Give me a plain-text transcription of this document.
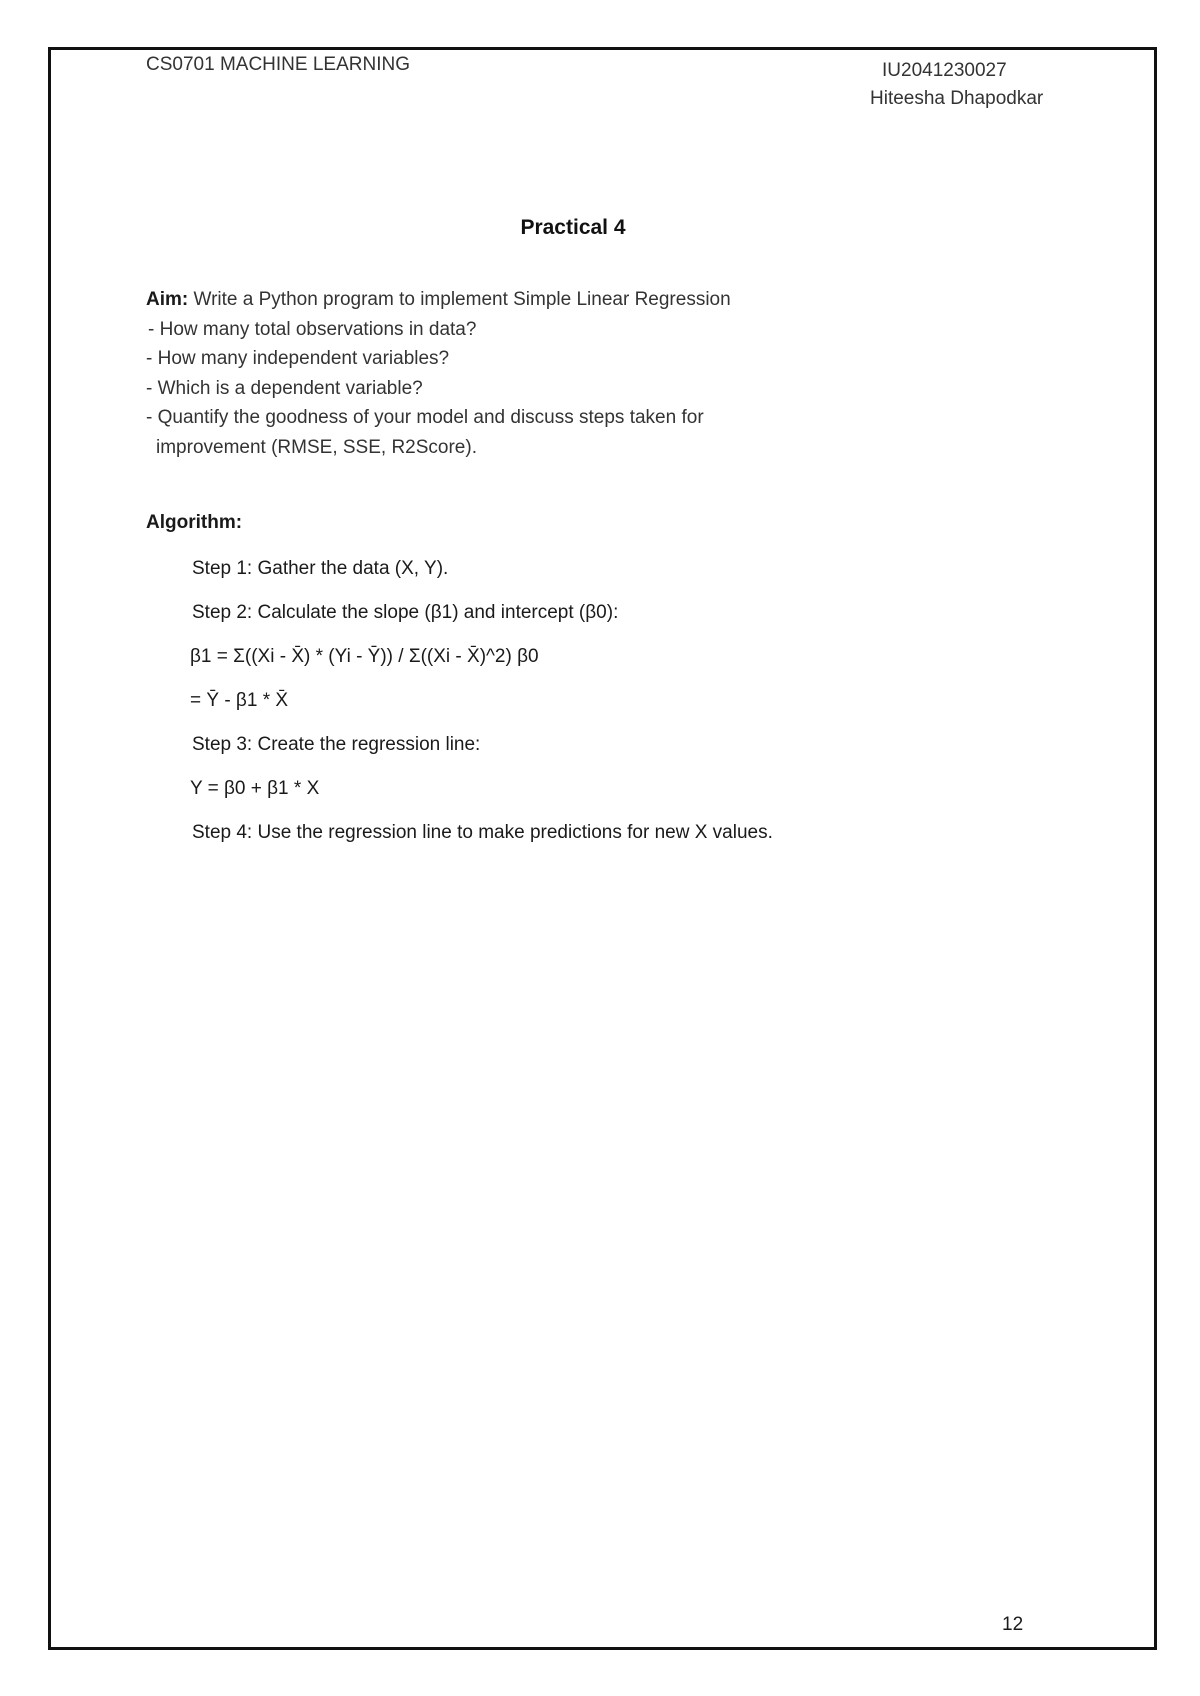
CS0701 MACHINE LEARNING	IU2041230027
Hiteesha Dhapodkar
Practical 4
Aim: Write a Python program to implement Simple Linear Regression
- How many total observations in data?
- How many independent variables?
- Which is a dependent variable?
- Quantify the goodness of your model and discuss steps taken for
improvement (RMSE, SSE, R2Score).
Algorithm:
Step 1: Gather the data (X, Y).
Step 2: Calculate the slope (β1) and intercept (β0):
β1 = Σ((Xi - X̄) * (Yi - Ȳ)) / Σ((Xi - X̄)^2) β0
= Ȳ - β1 * X̄
Step 3: Create the regression line:
Y = β0 + β1 * X
Step 4: Use the regression line to make predictions for new X values.
12
